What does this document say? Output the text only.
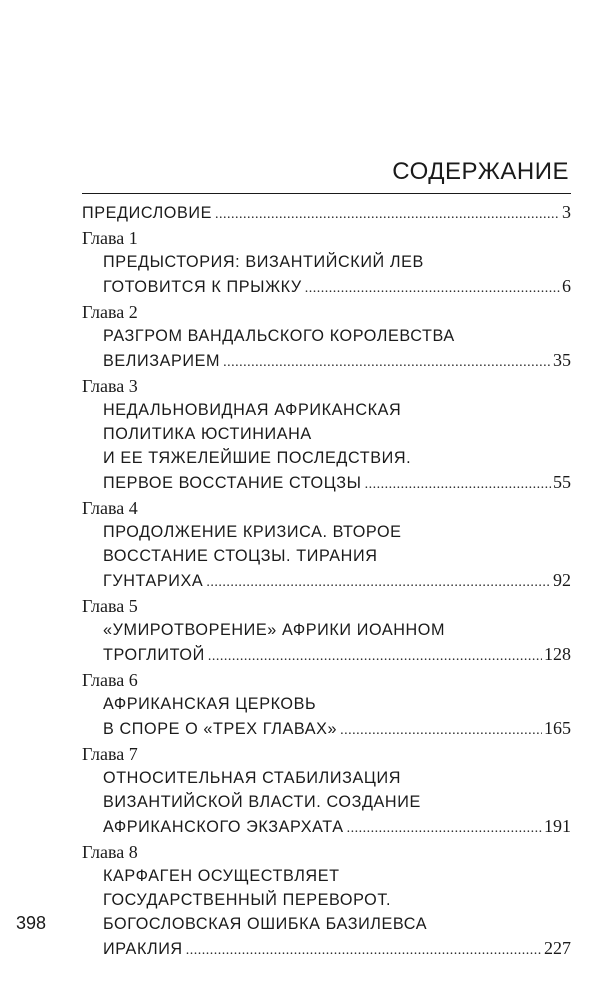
СОДЕРЖАНИЕ
ПРЕДИСЛОВИЕ .....	3
Глава 1
ПРЕДЫСТОРИЯ: ВИЗАНТИЙСКИЙ ЛЕВ
ГОТОВИТСЯ К ПРЫЖКУ .....	6
Глава 2
РАЗГРОМ ВАНДАЛЬСКОГО КОРОЛЕВСТВА
ВЕЛИЗАРИЕМ .....	35
Глава 3
НЕДАЛЬНОВИДНАЯ АФРИКАНСКАЯ
ПОЛИТИКА ЮСТИНИАНА
И ЕЕ ТЯЖЕЛЕЙШИЕ ПОСЛЕДСТВИЯ.
ПЕРВОЕ ВОССТАНИЕ СТОЦЗЫ .....	55
Глава 4
ПРОДОЛЖЕНИЕ КРИЗИСА. ВТОРОЕ
ВОССТАНИЕ СТОЦЗЫ. ТИРАНИЯ
ГУНТАРИХА .....	92
Глава 5
«УМИРОТВОРЕНИЕ» АФРИКИ ИОАННОМ
ТРОГЛИТОЙ .....	128
Глава 6
АФРИКАНСКАЯ ЦЕРКОВЬ
В СПОРЕ О «ТРЕХ ГЛАВАХ» .....	165
Глава 7
ОТНОСИТЕЛЬНАЯ СТАБИЛИЗАЦИЯ
ВИЗАНТИЙСКОЙ ВЛАСТИ. СОЗДАНИЕ
АФРИКАНСКОГО ЭКЗАРХАТА .....	191
Глава 8
КАРФАГЕН ОСУЩЕСТВЛЯЕТ
ГОСУДАРСТВЕННЫЙ ПЕРЕВОРОТ.
БОГОСЛОВСКАЯ ОШИБКА БАЗИЛЕВСА
ИРАКЛИЯ .....	227
398
